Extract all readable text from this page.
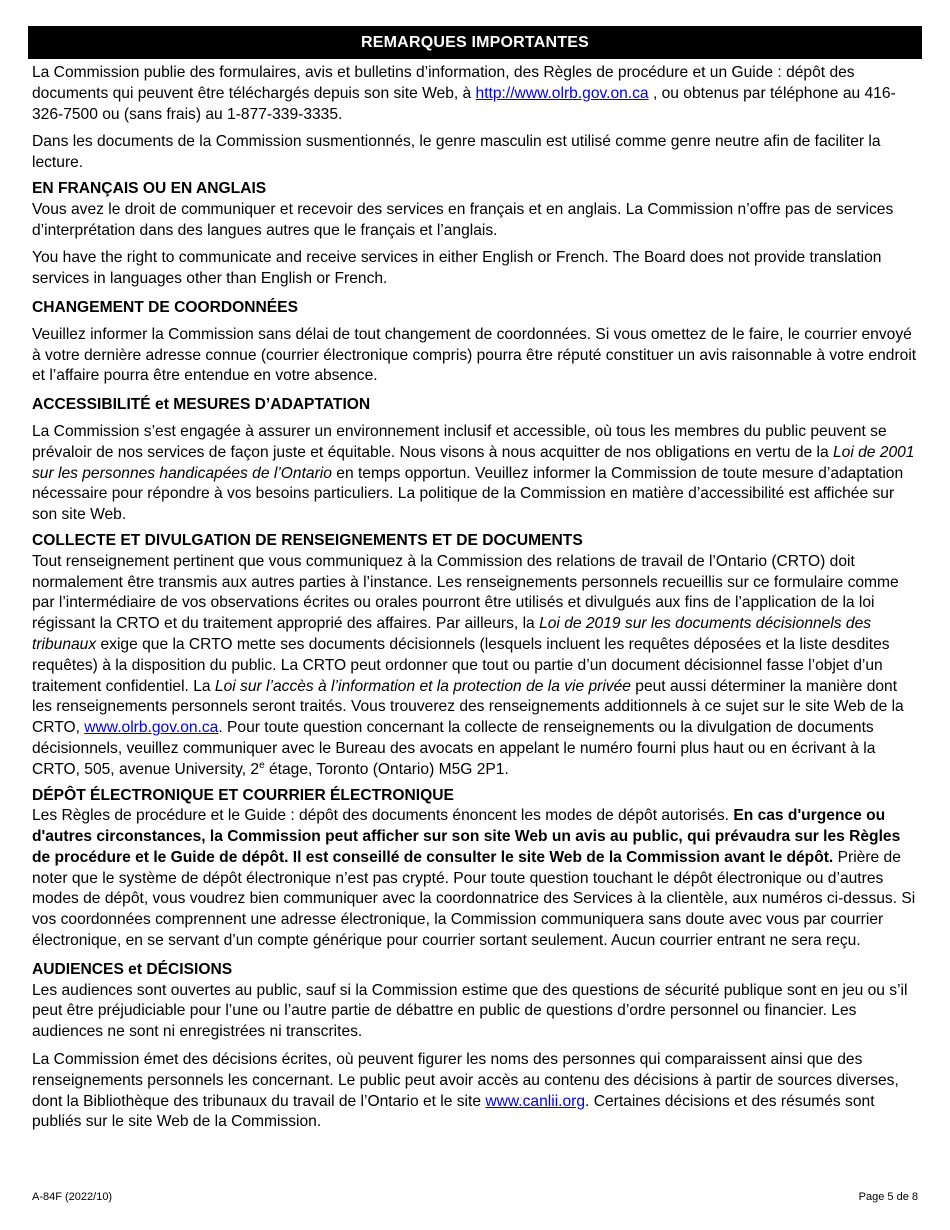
REMARQUES IMPORTANTES

La Commission publie des formulaires, avis et bulletins d’information, des Règles de procédure et un Guide : dépôt des documents qui peuvent être téléchargés depuis son site Web, à http://www.olrb.gov.on.ca , ou obtenus par téléphone au 416-326-7500 ou (sans frais) au 1-877-339-3335.

Dans les documents de la Commission susmentionnés, le genre masculin est utilisé comme genre neutre afin de faciliter la lecture.

EN FRANÇAIS OU EN ANGLAIS

Vous avez le droit de communiquer et recevoir des services en français et en anglais. La Commission n’offre pas de services d’interprétation dans des langues autres que le français et l’anglais.

You have the right to communicate and receive services in either English or French. The Board does not provide translation services in languages other than English or French.

CHANGEMENT DE COORDONNÉES

Veuillez informer la Commission sans délai de tout changement de coordonnées. Si vous omettez de le faire, le courrier envoyé à votre dernière adresse connue (courrier électronique compris) pourra être réputé constituer un avis raisonnable à votre endroit et l’affaire pourra être entendue en votre absence.

ACCESSIBILITÉ et MESURES D’ADAPTATION

La Commission s’est engagée à assurer un environnement inclusif et accessible, où tous les membres du public peuvent se prévaloir de nos services de façon juste et équitable. Nous visons à nous acquitter de nos obligations en vertu de la Loi de 2001 sur les personnes handicapées de l’Ontario en temps opportun. Veuillez informer la Commission de toute mesure d’adaptation nécessaire pour répondre à vos besoins particuliers. La politique de la Commission en matière d’accessibilité est affichée sur son site Web.

COLLECTE ET DIVULGATION DE RENSEIGNEMENTS ET DE DOCUMENTS

Tout renseignement pertinent que vous communiquez à la Commission des relations de travail de l’Ontario (CRTO) doit normalement être transmis aux autres parties à l’instance. Les renseignements personnels recueillis sur ce formulaire comme par l’intermédiaire de vos observations écrites ou orales pourront être utilisés et divulgués aux fins de l’application de la loi régissant la CRTO et du traitement approprié des affaires. Par ailleurs, la Loi de 2019 sur les documents décisionnels des tribunaux exige que la CRTO mette ses documents décisionnels (lesquels incluent les requêtes déposées et la liste desdites requêtes) à la disposition du public. La CRTO peut ordonner que tout ou partie d’un document décisionnel fasse l’objet d’un traitement confidentiel. La Loi sur l’accès à l’information et la protection de la vie privée peut aussi déterminer la manière dont les renseignements personnels seront traités. Vous trouverez des renseignements additionnels à ce sujet sur le site Web de la CRTO, www.olrb.gov.on.ca. Pour toute question concernant la collecte de renseignements ou la divulgation de documents décisionnels, veuillez communiquer avec le Bureau des avocats en appelant le numéro fourni plus haut ou en écrivant à la CRTO, 505, avenue University, 2e étage, Toronto (Ontario) M5G 2P1.

DÉPÔT ÉLECTRONIQUE ET COURRIER ÉLECTRONIQUE

Les Règles de procédure et le Guide : dépôt des documents énoncent les modes de dépôt autorisés. En cas d'urgence ou d'autres circonstances, la Commission peut afficher sur son site Web un avis au public, qui prévaudra sur les Règles de procédure et le Guide de dépôt. Il est conseillé de consulter le site Web de la Commission avant le dépôt. Prière de noter que le système de dépôt électronique n’est pas crypté. Pour toute question touchant le dépôt électronique ou d’autres modes de dépôt, vous voudrez bien communiquer avec la coordonnatrice des Services à la clientèle, aux numéros ci-dessus. Si vos coordonnées comprennent une adresse électronique, la Commission communiquera sans doute avec vous par courrier électronique, en se servant d’un compte générique pour courrier sortant seulement. Aucun courrier entrant ne sera reçu.

AUDIENCES et DÉCISIONS

Les audiences sont ouvertes au public, sauf si la Commission estime que des questions de sécurité publique sont en jeu ou s’il peut être préjudiciable pour l’une ou l’autre partie de débattre en public de questions d’ordre personnel ou financier. Les audiences ne sont ni enregistrées ni transcrites.

La Commission émet des décisions écrites, où peuvent figurer les noms des personnes qui comparaissent ainsi que des renseignements personnels les concernant. Le public peut avoir accès au contenu des décisions à partir de sources diverses, dont la Bibliothèque des tribunaux du travail de l’Ontario et le site www.canlii.org. Certaines décisions et des résumés sont publiés sur le site Web de la Commission.

A-84F (2022/10)	Page 5 de 8
